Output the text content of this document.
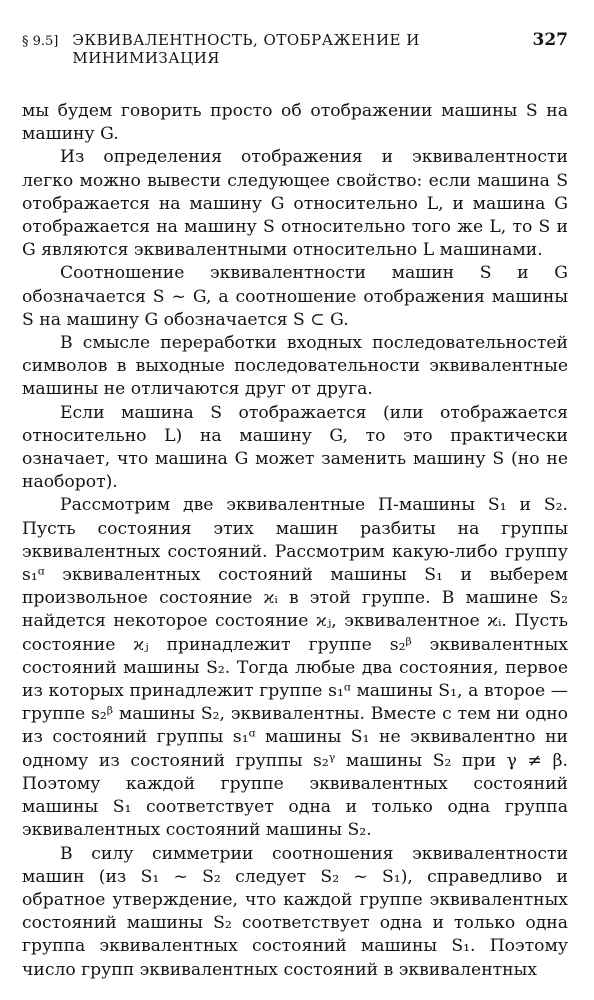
§ 9.5] ЭКВИВАЛЕНТНОСТЬ, ОТОБРАЖЕНИЕ И МИНИМИЗАЦИЯ
327

мы будем говорить просто об отображении машины S на машину G.

Из определения отображения и эквивалентности легко можно вывести следующее свойство: если машина S отображается на машину G относительно L, и машина G отображается на машину S относительно того же L, то S и G являются эквивалентными относительно L машинами.

Соотношение эквивалентности машин S и G обозначается S ~ G, а соотношение отображения машины S на машину G обозначается S ⊂ G.

В смысле переработки входных последовательностей символов в выходные последовательности эквивалентные машины не отличаются друг от друга.

Если машина S отображается (или отображается относительно L) на машину G, то это практически означает, что машина G может заменить машину S (но не наоборот).

Рассмотрим две эквивалентные П-машины S₁ и S₂. Пусть состояния этих машин разбиты на группы эквивалентных состояний. Рассмотрим какую-либо группу s₁ᵅ эквивалентных состояний машины S₁ и выберем произвольное состояние ϰᵢ в этой группе. В машине S₂ найдется некоторое состояние ϰⱼ, эквивалентное ϰᵢ. Пусть состояние ϰⱼ принадлежит группе s₂ᵝ эквивалентных состояний машины S₂. Тогда любые два состояния, первое из которых принадлежит группе s₁ᵅ машины S₁, а второе — группе s₂ᵝ машины S₂, эквивалентны. Вместе с тем ни одно из состояний группы s₁ᵅ машины S₁ не эквивалентно ни одному из состояний группы s₂ᵞ машины S₂ при γ ≠ β. Поэтому каждой группе эквивалентных состояний машины S₁ соответствует одна и только одна группа эквивалентных состояний машины S₂.

В силу симметрии соотношения эквивалентности машин (из S₁ ~ S₂ следует S₂ ~ S₁), справедливо и обратное утверждение, что каждой группе эквивалентных состояний машины S₂ соответствует одна и только одна группа эквивалентных состояний машины S₁. Поэтому число групп эквивалентных состояний в эквивалентных
